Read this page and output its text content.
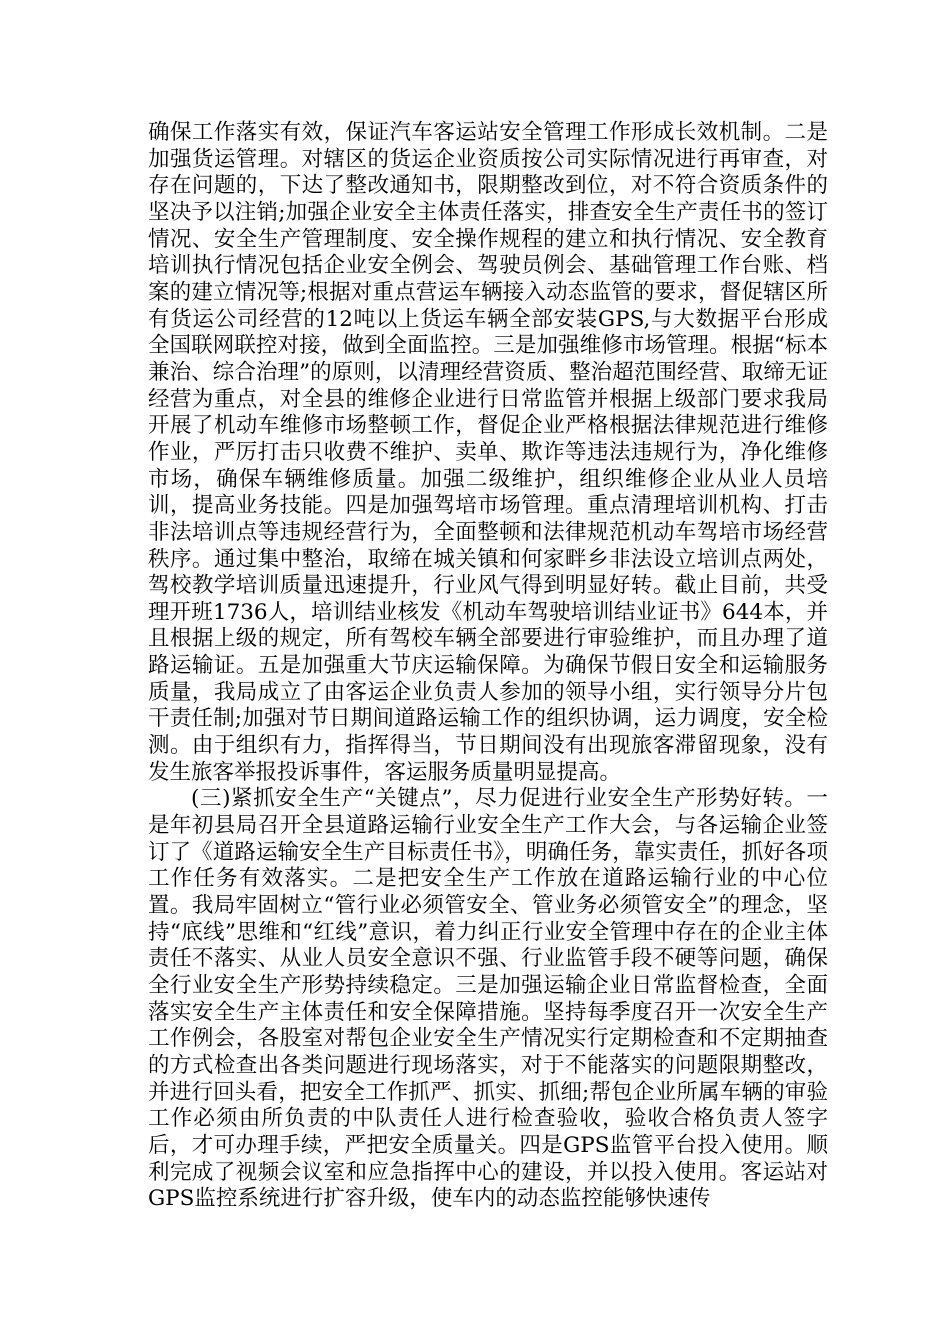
确保工作落实有效，保证汽车客运站安全管理工作形成长效机制。二是加强货运管理。对辖区的货运企业资质按公司实际情况进行再审查，对存在问题的，下达了整改通知书，限期整改到位，对不符合资质条件的坚决予以注销;加强企业安全主体责任落实，排查安全生产责任书的签订情况、安全生产管理制度、安全操作规程的建立和执行情况、安全教育培训执行情况包括企业安全例会、驾驶员例会、基础管理工作台账、档案的建立情况等;根据对重点营运车辆接入动态监管的要求，督促辖区所有货运公司经营的12吨以上货运车辆全部安装GPS,与大数据平台形成全国联网联控对接，做到全面监控。三是加强维修市场管理。根据“标本兼治、综合治理”的原则，以清理经营资质、整治超范围经营、取缔无证经营为重点，对全县的维修企业进行日常监管并根据上级部门要求我局开展了机动车维修市场整顿工作，督促企业严格根据法律规范进行维修作业，严厉打击只收费不维护、卖单、欺诈等违法违规行为，净化维修市场，确保车辆维修质量。加强二级维护，组织维修企业从业人员培训，提高业务技能。四是加强驾培市场管理。重点清理培训机构、打击非法培训点等违规经营行为，全面整顿和法律规范机动车驾培市场经营秩序。通过集中整治，取缔在城关镇和何家畔乡非法设立培训点两处，驾校教学培训质量迅速提升，行业风气得到明显好转。截止目前，共受理开班1736人，培训结业核发《机动车驾驶培训结业证书》644本，并且根据上级的规定，所有驾校车辆全部要进行审验维护，而且办理了道路运输证。五是加强重大节庆运输保障。为确保节假日安全和运输服务质量，我局成立了由客运企业负责人参加的领导小组，实行领导分片包干责任制;加强对节日期间道路运输工作的组织协调，运力调度，安全检测。由于组织有力，指挥得当，节日期间没有出现旅客滞留现象，没有发生旅客举报投诉事件，客运服务质量明显提高。

(三)紧抓安全生产“关键点”，尽力促进行业安全生产形势好转。一是年初县局召开全县道路运输行业安全生产工作大会，与各运输企业签订了《道路运输安全生产目标责任书》，明确任务，靠实责任，抓好各项工作任务有效落实。二是把安全生产工作放在道路运输行业的中心位置。我局牢固树立“管行业必须管安全、管业务必须管安全”的理念，坚持“底线”思维和“红线”意识，着力纠正行业安全管理中存在的企业主体责任不落实、从业人员安全意识不强、行业监管手段不硬等问题，确保全行业安全生产形势持续稳定。三是加强运输企业日常监督检查，全面落实安全生产主体责任和安全保障措施。坚持每季度召开一次安全生产工作例会，各股室对帮包企业安全生产情况实行定期检查和不定期抽查的方式检查出各类问题进行现场落实，对于不能落实的问题限期整改，并进行回头看，把安全工作抓严、抓实、抓细;帮包企业所属车辆的审验工作必须由所负责的中队责任人进行检查验收，验收合格负责人签字后，才可办理手续，严把安全质量关。四是GPS监管平台投入使用。顺利完成了视频会议室和应急指挥中心的建设，并以投入使用。客运站对GPS监控系统进行扩容升级，使车内的动态监控能够快速传
